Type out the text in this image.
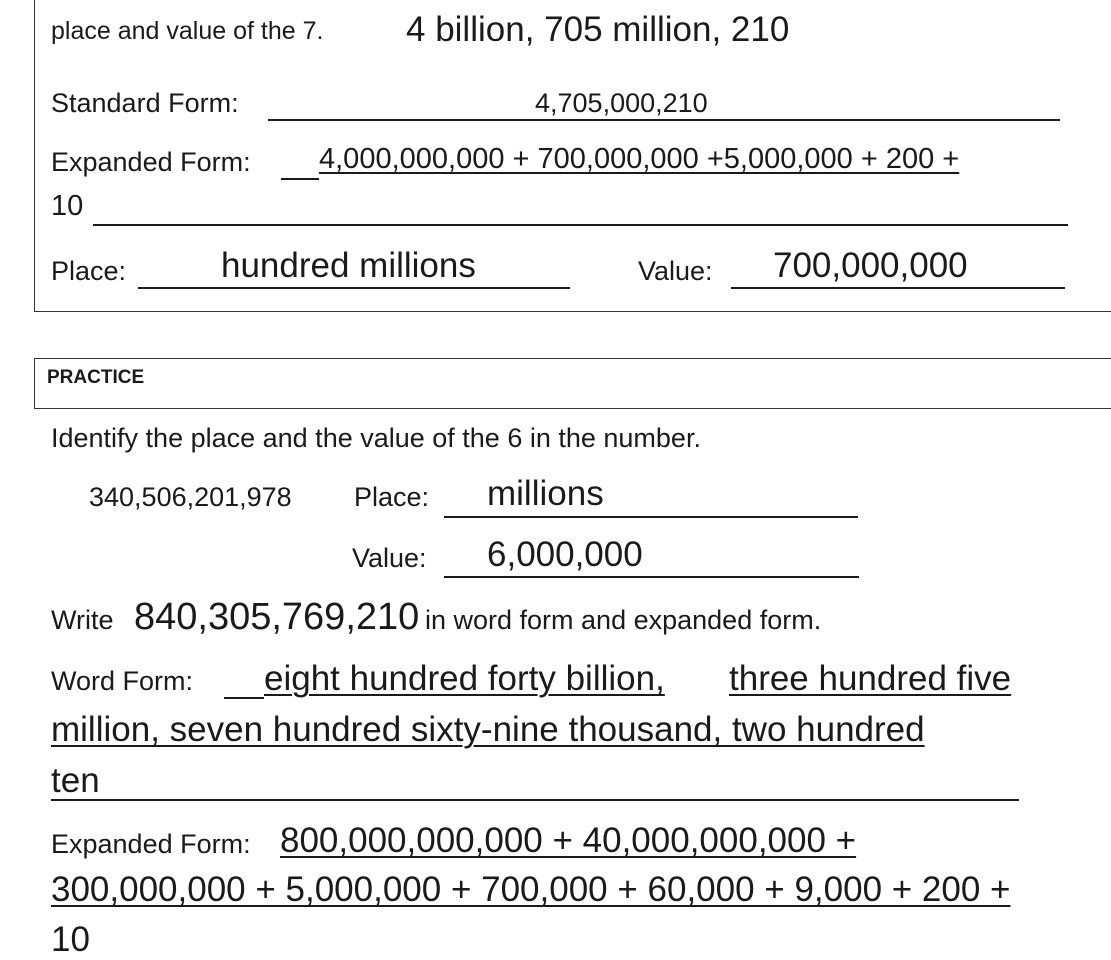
place and value of the 7. 4 billion, 705 million, 210
Standard Form:	4,705,000,210
Expanded Form: 4,000,000,000 + 700,000,000 +5,000,000 + 200 +
10
Place:	hundred millions	Value: 700,000,000
PRACTICE
Identify the place and the value of the 6 in the number.
340,506,201,978 Place: millions
Value: 6,000,000
Write 840,305,769,210 in word form and expanded form.
Word Form: eight hundred forty billion, three hundred five
million, seven hundred sixty-nine thousand, two hundred
ten
Expanded Form: 800,000,000,000 + 40,000,000,000 +
300,000,000 + 5,000,000 + 700,000 + 60,000 + 9,000 + 200 +
10
